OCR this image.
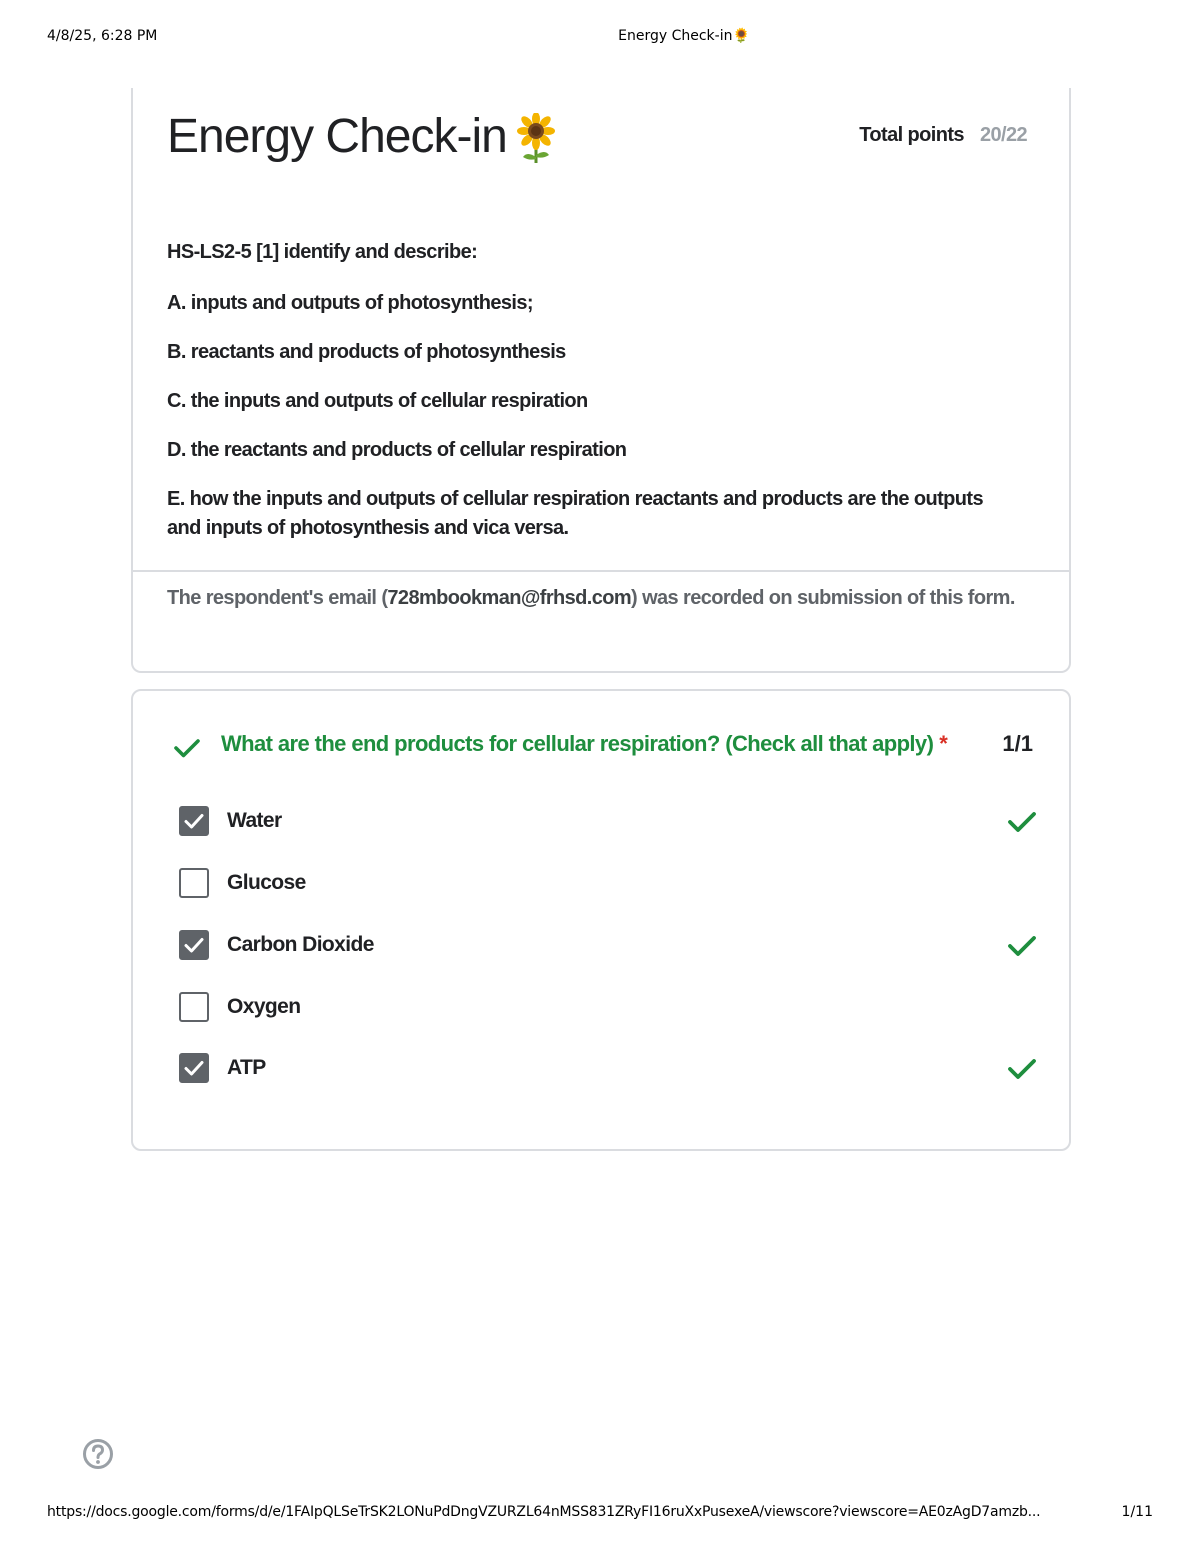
4/8/25, 6:28 PM	Energy Check-in🌻
Energy Check-in	Total points 20/22

HS-LS2-5 [1] identify and describe:

A. inputs and outputs of photosynthesis;

B. reactants and products of photosynthesis

C. the inputs and outputs of cellular respiration

D. the reactants and products of cellular respiration

E. how the inputs and outputs of cellular respiration reactants and products are the outputs and inputs of photosynthesis and vica versa.

The respondent's email (728mbookman@frhsd.com) was recorded on submission of this form.
What are the end products for cellular respiration? (Check all that apply) *	1/1
Water
Glucose
Carbon Dioxide
Oxygen
ATP
https://docs.google.com/forms/d/e/1FAIpQLSeTrSK2LONuPdDngVZURZL64nMSS831ZRyFI16ruXxPusexeA/viewscore?viewscore=AE0zAgD7amzb...	1/11
